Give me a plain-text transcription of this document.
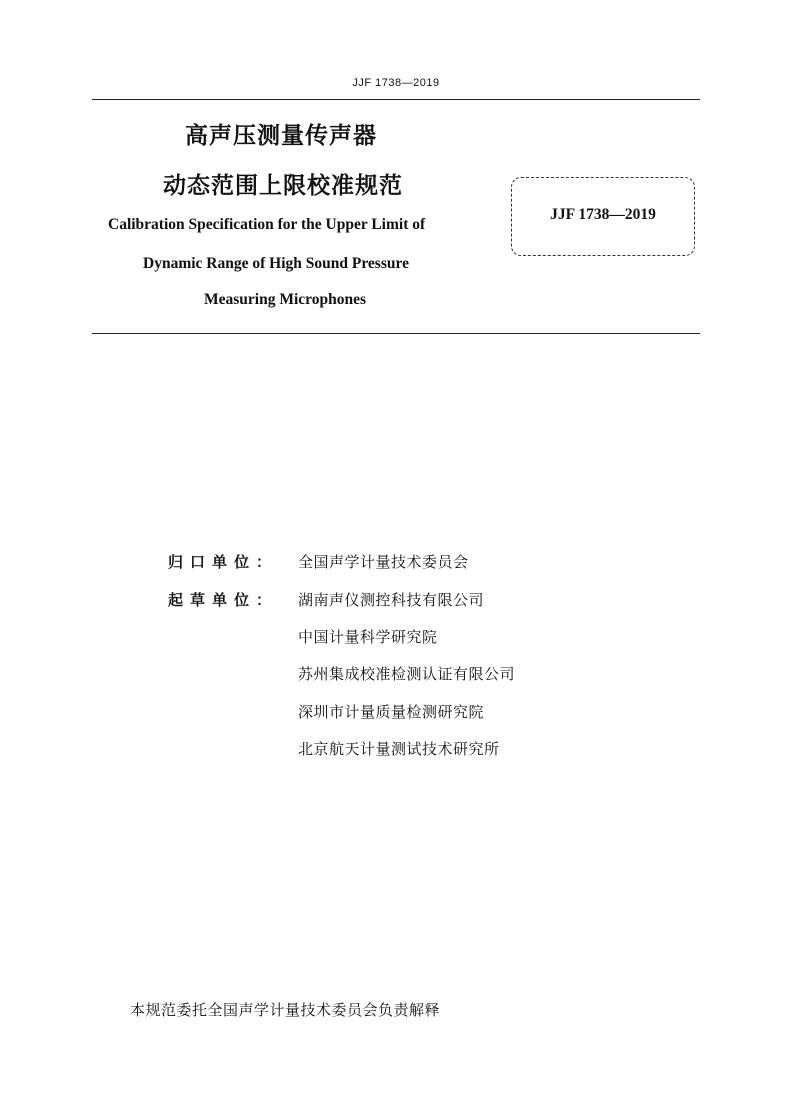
JJF 1738—2019
高声压测量传声器
动态范围上限校准规范
Calibration Specification for the Upper Limit of
Dynamic Range of High Sound Pressure
Measuring Microphones
JJF 1738—2019
归口单位： 全国声学计量技术委员会
起草单位： 湖南声仪测控科技有限公司
中国计量科学研究院
苏州集成校准检测认证有限公司
深圳市计量质量检测研究院
北京航天计量测试技术研究所
本规范委托全国声学计量技术委员会负责解释
